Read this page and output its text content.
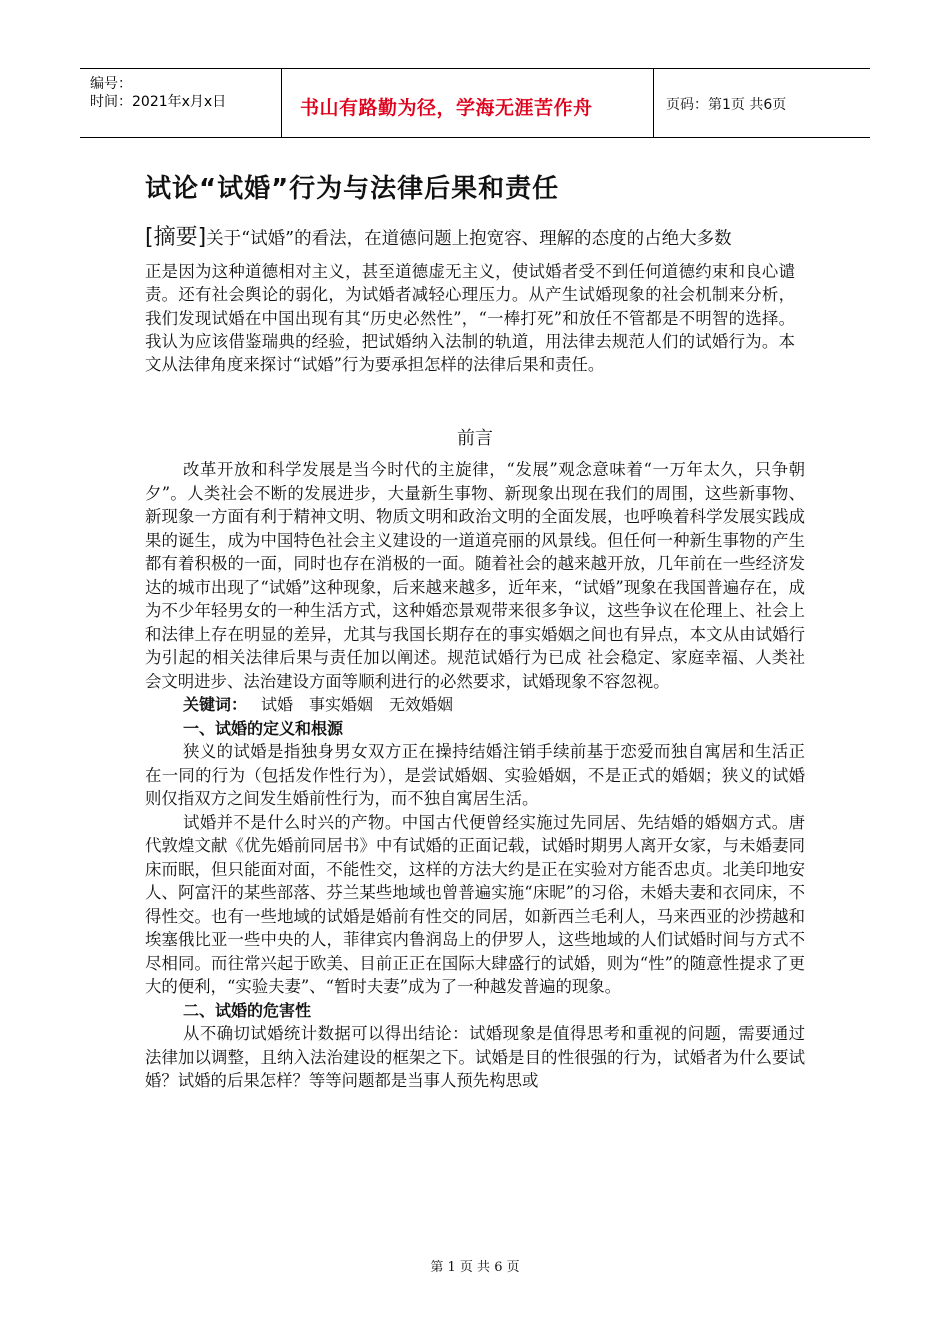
编号：
时间：2021年x月x日	书山有路勤为径，学海无涯苦作舟	页码：第1页 共6页
试论“试婚”行为与法律后果和责任
[摘要]关于“试婚”的看法，在道德问题上抱宽容、理解的态度的占绝大多数
正是因为这种道德相对主义，甚至道德虚无主义，使试婚者受不到任何道德约束和良心谴责。还有社会舆论的弱化，为试婚者减轻心理压力。从产生试婚现象的社会机制来分析，我们发现试婚在中国出现有其“历史必然性”，“一棒打死”和放任不管都是不明智的选择。我认为应该借鉴瑞典的经验，把试婚纳入法制的轨道，用法律去规范人们的试婚行为。本文从法律角度来探讨“试婚”行为要承担怎样的法律后果和责任。
前言

改革开放和科学发展是当今时代的主旋律，“发展”观念意味着“一万年太久，只争朝夕”。人类社会不断的发展进步，大量新生事物、新现象出现在我们的周围，这些新事物、新现象一方面有利于精神文明、物质文明和政治文明的全面发展，也呼唤着科学发展实践成果的诞生，成为中国特色社会主义建设的一道道亮丽的风景线。但任何一种新生事物的产生都有着积极的一面，同时也存在消极的一面。随着社会的越来越开放，几年前在一些经济发达的城市出现了“试婚”这种现象，后来越来越多，近年来，“试婚”现象在我国普遍存在，成为不少年轻男女的一种生活方式，这种婚恋景观带来很多争议，这些争议在伦理上、社会上和法律上存在明显的差异，尤其与我国长期存在的事实婚姻之间也有异点，本文从由试婚行为引起的相关法律后果与责任加以阐述。规范试婚行为已成 社会稳定、家庭幸福、人类社会文明进步、法治建设方面等顺利进行的必然要求，试婚现象不容忽视。

关键词： 试婚 事实婚姻 无效婚姻

一、试婚的定义和根源

狭义的试婚是指独身男女双方正在操持结婚注销手续前基于恋爱而独自寓居和生活正在一同的行为（包括发作性行为），是尝试婚姻、实验婚姻，不是正式的婚姻；狭义的试婚则仅指双方之间发生婚前性行为，而不独自寓居生活。

试婚并不是什么时兴的产物。中国古代便曾经实施过先同居、先结婚的婚姻方式。唐代敦煌文献《优先婚前同居书》中有试婚的正面记载，试婚时期男人离开女家，与未婚妻同床而眠，但只能面对面，不能性交，这样的方法大约是正在实验对方能否忠贞。北美印地安人、阿富汗的某些部落、芬兰某些地域也曾普遍实施“床昵”的习俗，未婚夫妻和衣同床，不得性交。也有一些地域的试婚是婚前有性交的同居，如新西兰毛利人，马来西亚的沙捞越和埃塞俄比亚一些中央的人，菲律宾内鲁润岛上的伊罗人，这些地域的人们试婚时间与方式不尽相同。而往常兴起于欧美、目前正正在国际大肆盛行的试婚，则为“性”的随意性提求了更大的便利，“实验夫妻”、“暂时夫妻”成为了一种越发普遍的现象。

二、试婚的危害性

从不确切试婚统计数据可以得出结论：试婚现象是值得思考和重视的问题，需要通过法律加以调整，且纳入法治建设的框架之下。试婚是目的性很强的行为，试婚者为什么要试婚？试婚的后果怎样？等等问题都是当事人预先构思或

第 1 页 共 6 页
